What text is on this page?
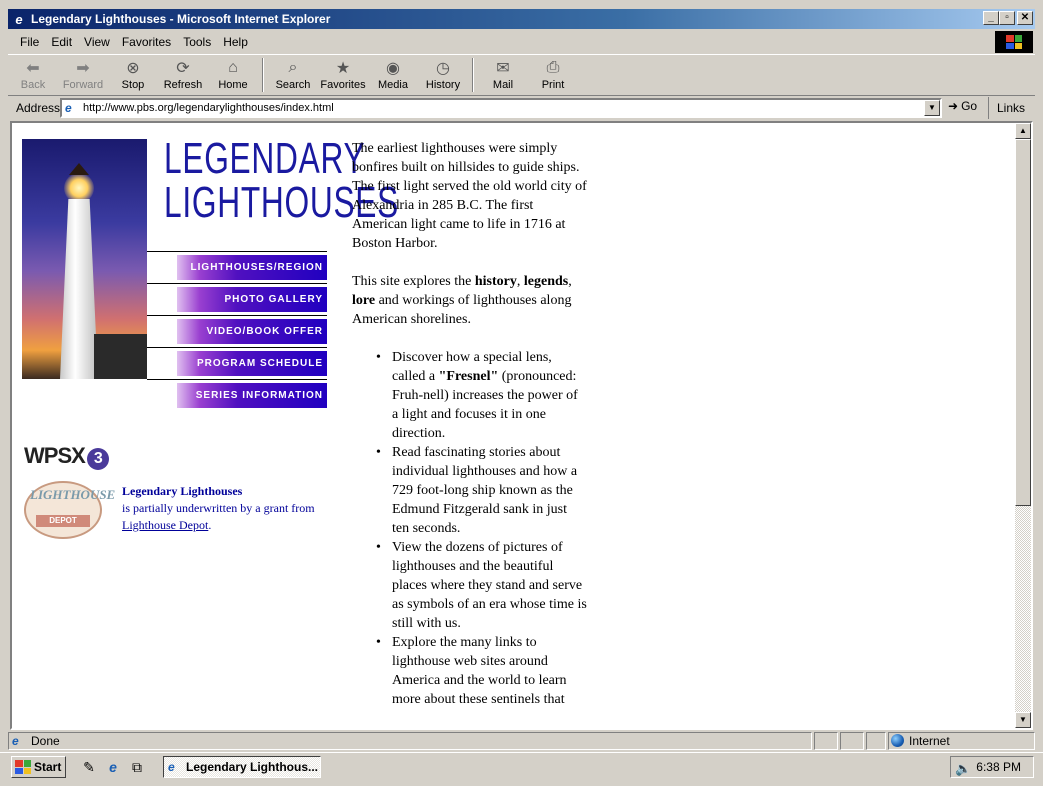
e Legendary Lighthouses - Microsoft Internet Explorer	_	▫	✕
File	Edit	View	Favorites	Tools	Help
⬅
Back
➡
Forward
⊗
Stop
⟳
Refresh
⌂
Home
⌕
Search
★
Favorites
◉
Media
◷
History
✉
Mail
⎙
Print
Address e	http://www.pbs.org/legendarylighthouses/index.html	▼	➜ Go	Links
LEGENDARY
LIGHTHOUSES
LIGHTHOUSES/REGION
PHOTO GALLERY
VIDEO/BOOK OFFER
PROGRAM SCHEDULE
SERIES INFORMATION
WPSX 3
LIGHTHOUSE
DEPOT
Legendary Lighthouses
is partially underwritten by a grant from Lighthouse Depot.

The earliest lighthouses were simply bonfires built on hillsides to guide ships. The first light served the old world city of Alexandria in 285 B.C. The first American light came to life in 1716 at Boston Harbor.

This site explores the history, legends, lore and workings of lighthouses along American shorelines.

• Discover how a special lens, called a "Fresnel" (pronounced: Fruh-nell) increases the power of a light and focuses it in one direction.
• Read fascinating stories about individual lighthouses and how a 729 foot-long ship known as the Edmund Fitzgerald sank in just ten seconds.
• View the dozens of pictures of lighthouses and the beautiful places where they stand and serve as symbols of an era whose time is still with us.
• Explore the many links to lighthouse web sites around America and the world to learn more about these sentinels that
▲
▼
e	Done	Internet
Start ✎	e	⧉	e Legendary Lighthous...	🔈 6:38 PM
